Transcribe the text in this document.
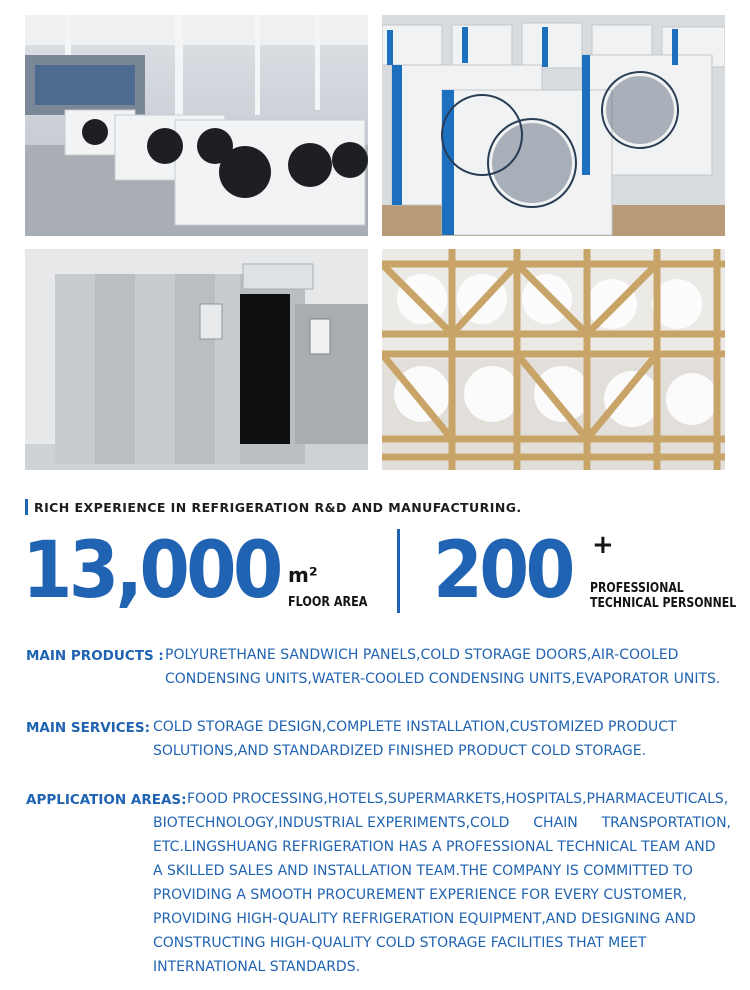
RICH EXPERIENCE IN REFRIGERATION R&D AND MANUFACTURING.
13,000 m²
FLOOR AREA 200 +
PROFESSIONAL
TECHNICAL PERSONNEL
MAIN PRODUCTS : POLYURETHANE SANDWICH PANELS,COLD STORAGE DOORS,AIR-COOLED
CONDENSING UNITS,WATER-COOLED CONDENSING UNITS,EVAPORATOR UNITS.
MAIN SERVICES: COLD STORAGE DESIGN,COMPLETE INSTALLATION,CUSTOMIZED PRODUCT
SOLUTIONS,AND STANDARDIZED FINISHED PRODUCT COLD STORAGE.
APPLICATION AREAS: FOOD PROCESSING,HOTELS,SUPERMARKETS,HOSPITALS,PHARMACEUTICALS,
BIOTECHNOLOGY,INDUSTRIAL EXPERIMENTS,COLD CHAIN TRANSPORTATION,
ETC.LINGSHUANG REFRIGERATION HAS A PROFESSIONAL TECHNICAL TEAM AND
A SKILLED SALES AND INSTALLATION TEAM.THE COMPANY IS COMMITTED TO
PROVIDING A SMOOTH PROCUREMENT EXPERIENCE FOR EVERY CUSTOMER,
PROVIDING HIGH-QUALITY REFRIGERATION EQUIPMENT,AND DESIGNING AND
CONSTRUCTING HIGH-QUALITY COLD STORAGE FACILITIES THAT MEET
INTERNATIONAL STANDARDS.
